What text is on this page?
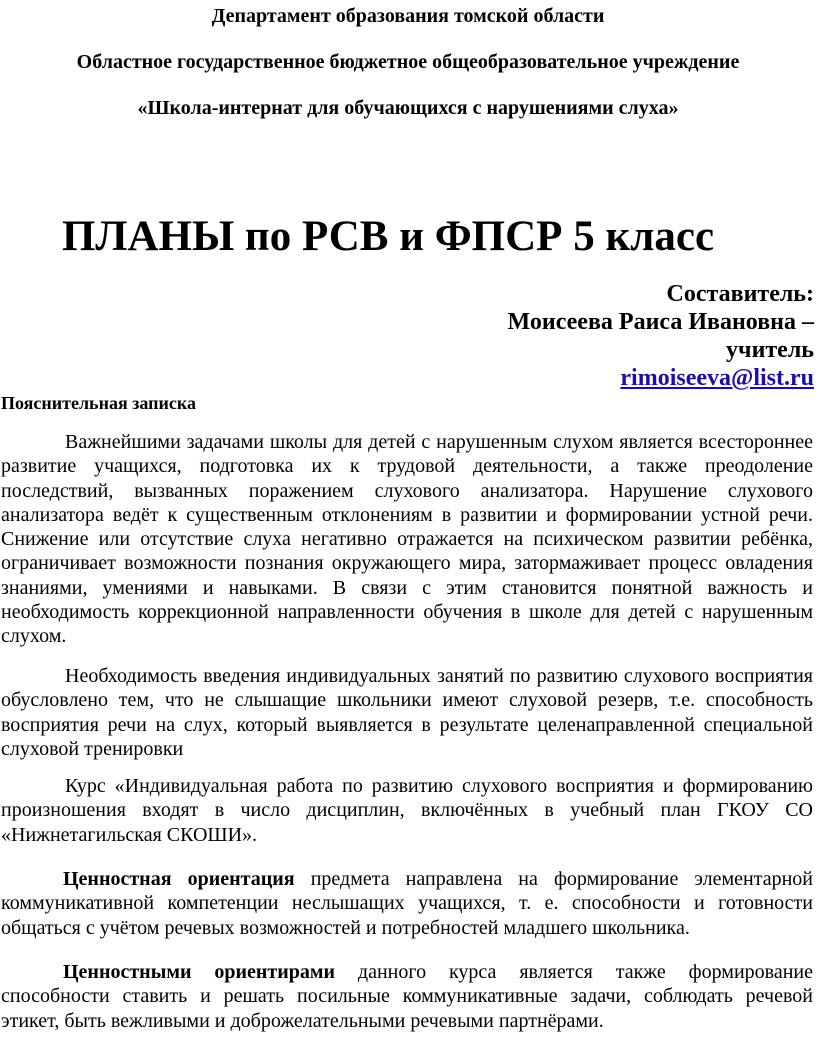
Департамент образования томской области
Областное государственное бюджетное общеобразовательное учреждение
«Школа-интернат для обучающихся с нарушениями слуха»
ПЛАНЫ по РСВ и ФПСР 5 класс
Составитель:
Моисеева Раиса Ивановна –
учитель
rimoiseeva@list.ru
Пояснительная записка
Важнейшими задачами школы для детей с нарушенным слухом является всестороннее развитие учащихся, подготовка их к трудовой деятельности, а также преодоление последствий, вызванных поражением слухового анализатора. Нарушение слухового анализатора ведёт к существенным отклонениям в развитии и формировании устной речи. Снижение или отсутствие слуха негативно отражается на психическом развитии ребёнка, ограничивает возможности познания окружающего мира, затормаживает процесс овладения знаниями, умениями и навыками. В связи с этим становится понятной важность и необходимость коррекционной направленности обучения в школе для детей с нарушенным слухом.
Необходимость введения индивидуальных занятий по развитию слухового восприятия обусловлено тем, что не слышащие школьники имеют слуховой резерв, т.е. способность восприятия речи на слух, который выявляется в результате целенаправленной специальной слуховой тренировки
Курс «Индивидуальная работа по развитию слухового восприятия и формированию произношения входят в число дисциплин, включённых в учебный план ГКОУ СО «Нижнетагильская СКОШИ».
Ценностная ориентация предмета направлена на формирование элементарной коммуникативной компетенции неслышащих учащихся, т. е. способности и готовности общаться с учётом речевых возможностей и потребностей младшего школьника.
Ценностными ориентирами данного курса является также формирование способности ставить и решать посильные коммуникативные задачи, соблюдать речевой этикет, быть вежливыми и доброжелательными речевыми партнёрами.
